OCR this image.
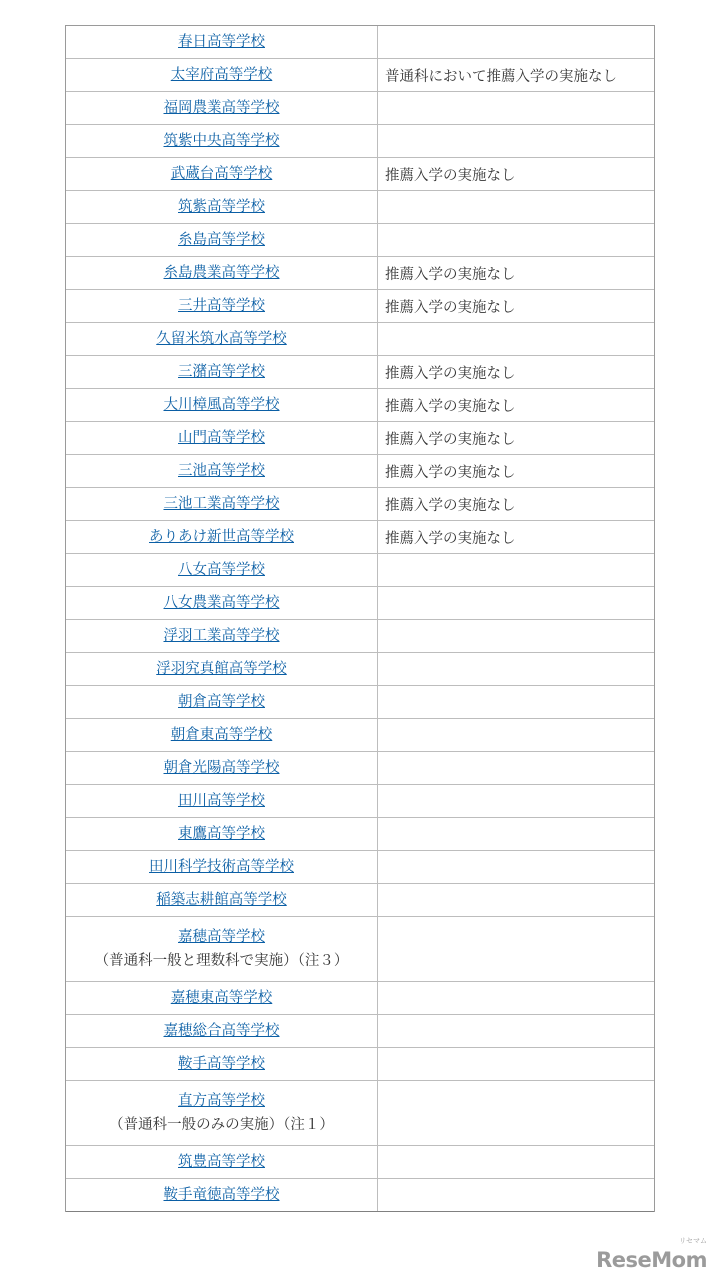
春日高等学校
太宰府高等学校	普通科において推薦入学の実施なし
福岡農業高等学校
筑紫中央高等学校
武蔵台高等学校	推薦入学の実施なし
筑紫高等学校
糸島高等学校
糸島農業高等学校	推薦入学の実施なし
三井高等学校	推薦入学の実施なし
久留米筑水高等学校
三潴高等学校	推薦入学の実施なし
大川樟風高等学校	推薦入学の実施なし
山門高等学校	推薦入学の実施なし
三池高等学校	推薦入学の実施なし
三池工業高等学校	推薦入学の実施なし
ありあけ新世高等学校	推薦入学の実施なし
八女高等学校
八女農業高等学校
浮羽工業高等学校
浮羽究真館高等学校
朝倉高等学校
朝倉東高等学校
朝倉光陽高等学校
田川高等学校
東鷹高等学校
田川科学技術高等学校
稲築志耕館高等学校
嘉穂高等学校
（普通科一般と理数科で実施）（注３）
嘉穂東高等学校
嘉穂総合高等学校
鞍手高等学校
直方高等学校
（普通科一般のみの実施）（注１）
筑豊高等学校
鞍手竜徳高等学校
リセマム
ReseMom
